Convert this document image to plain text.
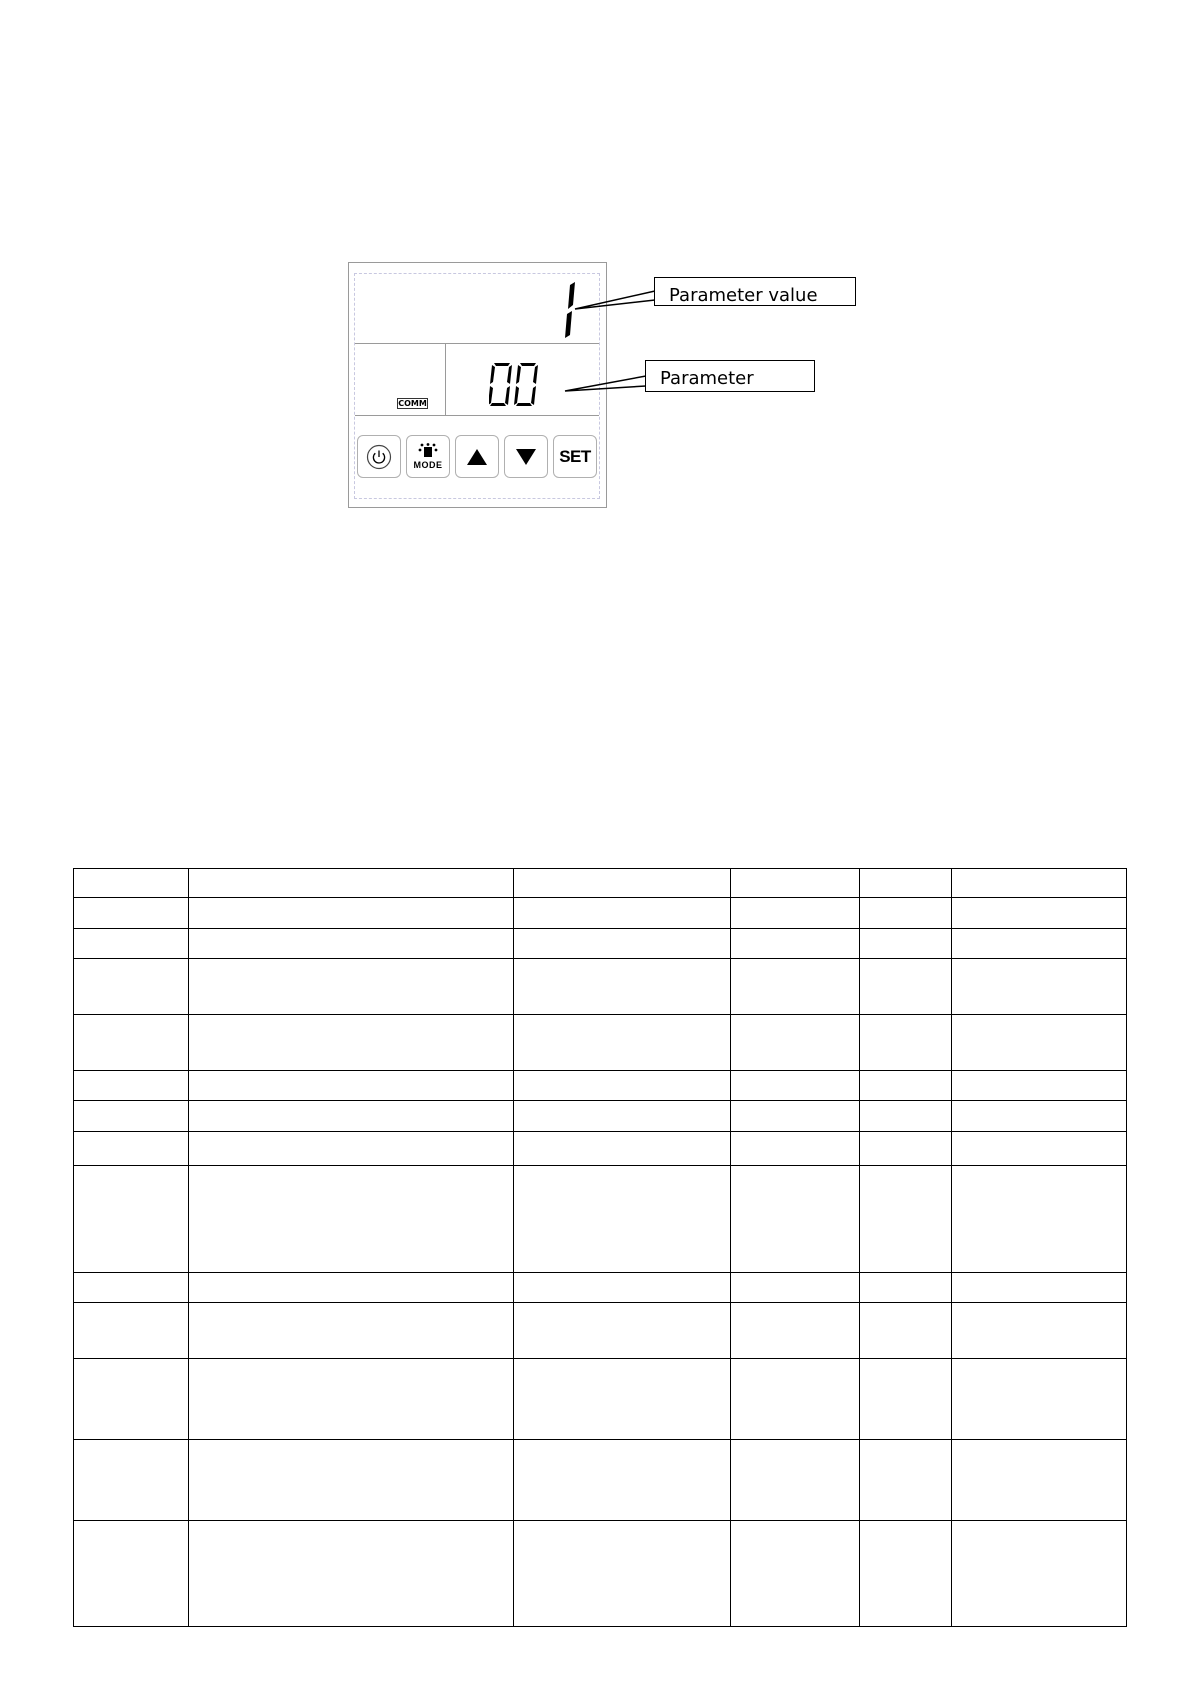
COMM
MODE	SET
Parameter value
Parameter
